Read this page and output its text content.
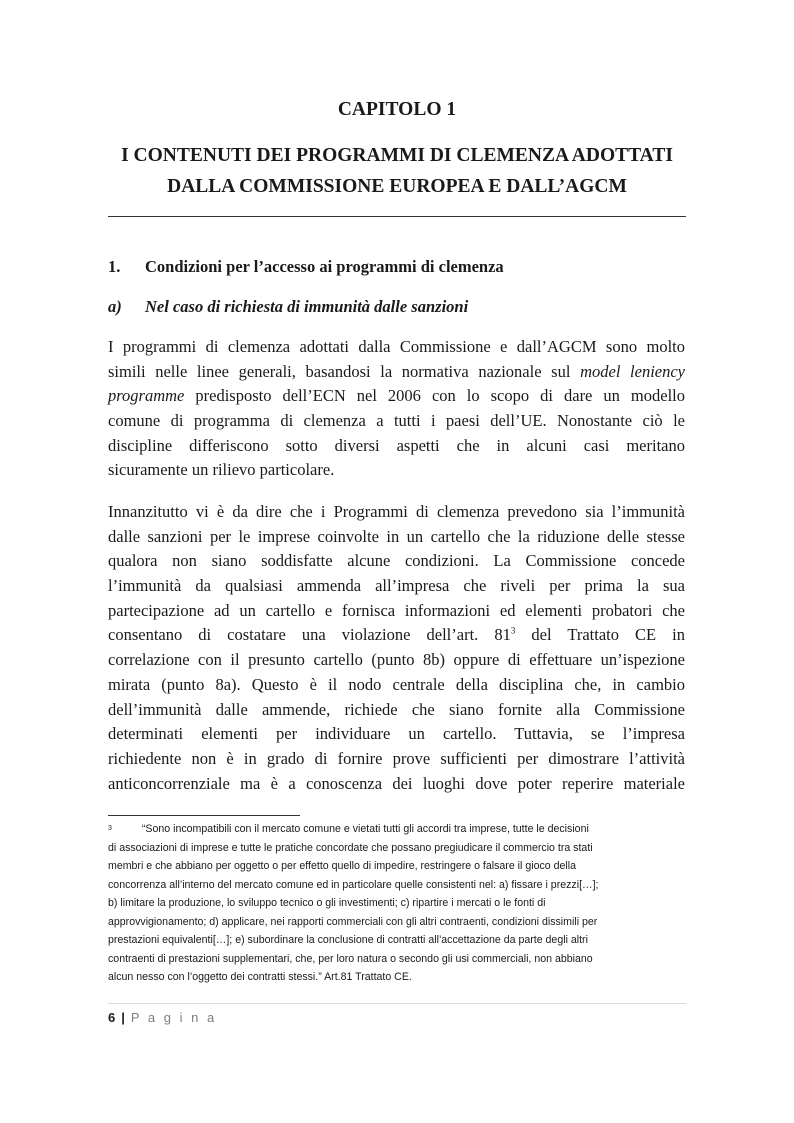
CAPITOLO 1
I CONTENUTI DEI PROGRAMMI DI CLEMENZA ADOTTATI
DALLA COMMISSIONE EUROPEA E DALL’AGCM
1. Condizioni per l’accesso ai programmi di clemenza
a) Nel caso di richiesta di immunità dalle sanzioni
I programmi di clemenza adottati dalla Commissione e dall’AGCM sono molto
simili nelle linee generali, basandosi la normativa nazionale sul model leniency
programme predisposto dell’ECN nel 2006 con lo scopo di dare un modello
comune di programma di clemenza a tutti i paesi dell’UE. Nonostante ciò le
discipline differiscono sotto diversi aspetti che in alcuni casi meritano
sicuramente un rilievo particolare.
Innanzitutto vi è da dire che i Programmi di clemenza prevedono sia l’immunità
dalle sanzioni per le imprese coinvolte in un cartello che la riduzione delle stesse
qualora non siano soddisfatte alcune condizioni. La Commissione concede
l’immunità da qualsiasi ammenda all’impresa che riveli per prima la sua
partecipazione ad un cartello e fornisca informazioni ed elementi probatori che
consentano di costatare una violazione dell’art. $81^3$ del Trattato CE in
correlazione con il presunto cartello (punto 8b) oppure di effettuare un’ispezione
mirata (punto 8a). Questo è il nodo centrale della disciplina che, in cambio
dell’immunità dalle ammende, richiede che siano fornite alla Commissione
determinati elementi per individuare un cartello. Tuttavia, se l’impresa
richiedente non è in grado di fornire prove sufficienti per dimostrare l’attività
anticoncorrenziale ma è a conoscenza dei luoghi dove poter reperire materiale
$^3$	“Sono incompatibili con il mercato comune e vietati tutti gli accordi tra imprese, tutte le decisioni
di associazioni di imprese e tutte le pratiche concordate che possano pregiudicare il commercio tra stati
membri e che abbiano per oggetto o per effetto quello di impedire, restringere o falsare il gioco della
concorrenza all’interno del mercato comune ed in particolare quelle consistenti nel: a) fissare i prezzi[…];
b) limitare la produzione, lo sviluppo tecnico o gli investimenti; c) ripartire i mercati o le fonti di
approvvigionamento; d) applicare, nei rapporti commerciali con gli altri contraenti, condizioni dissimili per
prestazioni equivalenti[…]; e) subordinare la conclusione di contratti all’accettazione da parte degli altri
contraenti di prestazioni supplementari, che, per loro natura o secondo gli usi commerciali, non abbiano
alcun nesso con l’oggetto dei contratti stessi.” Art.81 Trattato CE.
6 | P a g i n a
